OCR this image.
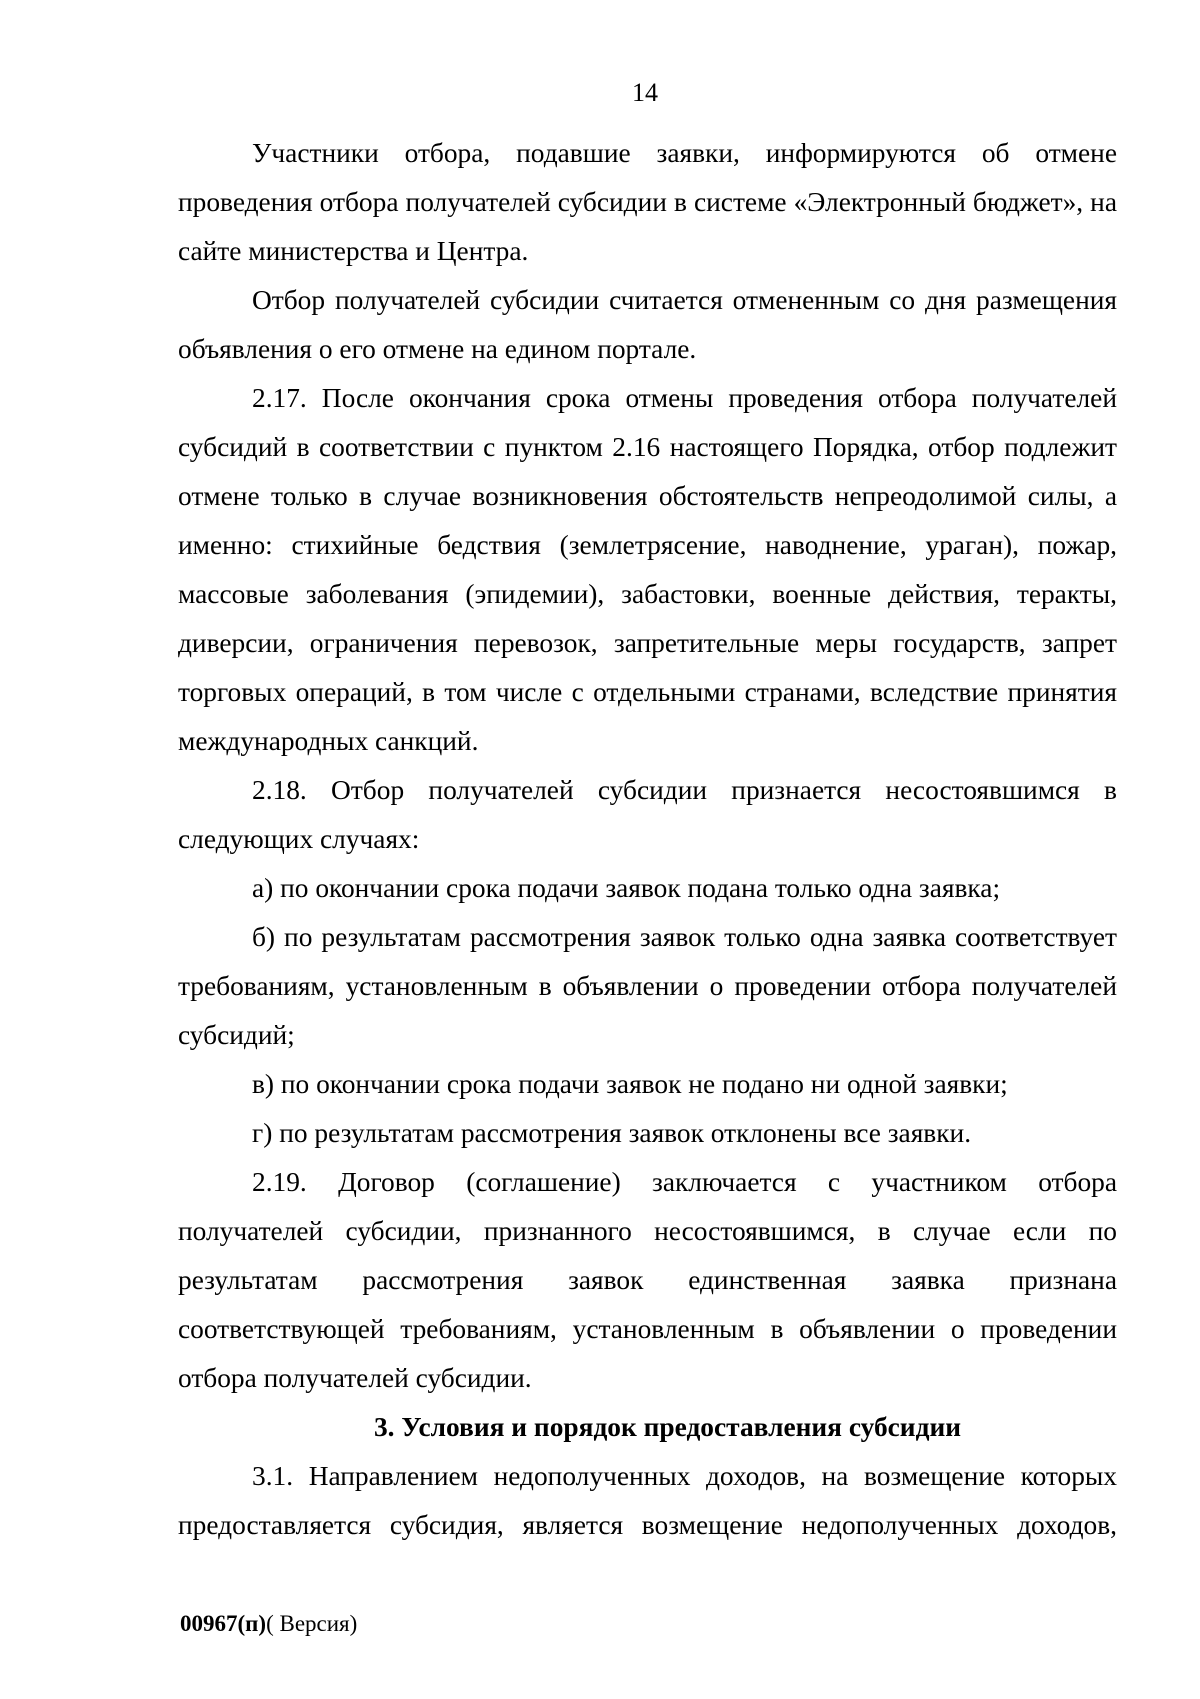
14

Участники отбора, подавшие заявки, информируются об отмене проведения отбора получателей субсидии в системе «Электронный бюджет», на сайте министерства и Центра.

Отбор получателей субсидии считается отмененным со дня размещения объявления о его отмене на едином портале.

2.17. После окончания срока отмены проведения отбора получателей субсидий в соответствии с пунктом 2.16 настоящего Порядка, отбор подлежит отмене только в случае возникновения обстоятельств непреодолимой силы, а именно: стихийные бедствия (землетрясение, наводнение, ураган), пожар, массовые заболевания (эпидемии), забастовки, военные действия, теракты, диверсии, ограничения перевозок, запретительные меры государств, запрет торговых операций, в том числе с отдельными странами, вследствие принятия международных санкций.

2.18. Отбор получателей субсидии признается несостоявшимся в следующих случаях:

а) по окончании срока подачи заявок подана только одна заявка;

б) по результатам рассмотрения заявок только одна заявка соответствует требованиям, установленным в объявлении о проведении отбора получателей субсидий;

в) по окончании срока подачи заявок не подано ни одной заявки;

г) по результатам рассмотрения заявок отклонены все заявки.

2.19. Договор (соглашение) заключается с участником отбора получателей субсидии, признанного несостоявшимся, в случае если по результатам рассмотрения заявок единственная заявка признана соответствующей требованиям, установленным в объявлении о проведении отбора получателей субсидии.

3. Условия и порядок предоставления субсидии

3.1. Направлением недополученных доходов, на возмещение которых предоставляется субсидия, является возмещение недополученных доходов,

00967(п)( Версия)
